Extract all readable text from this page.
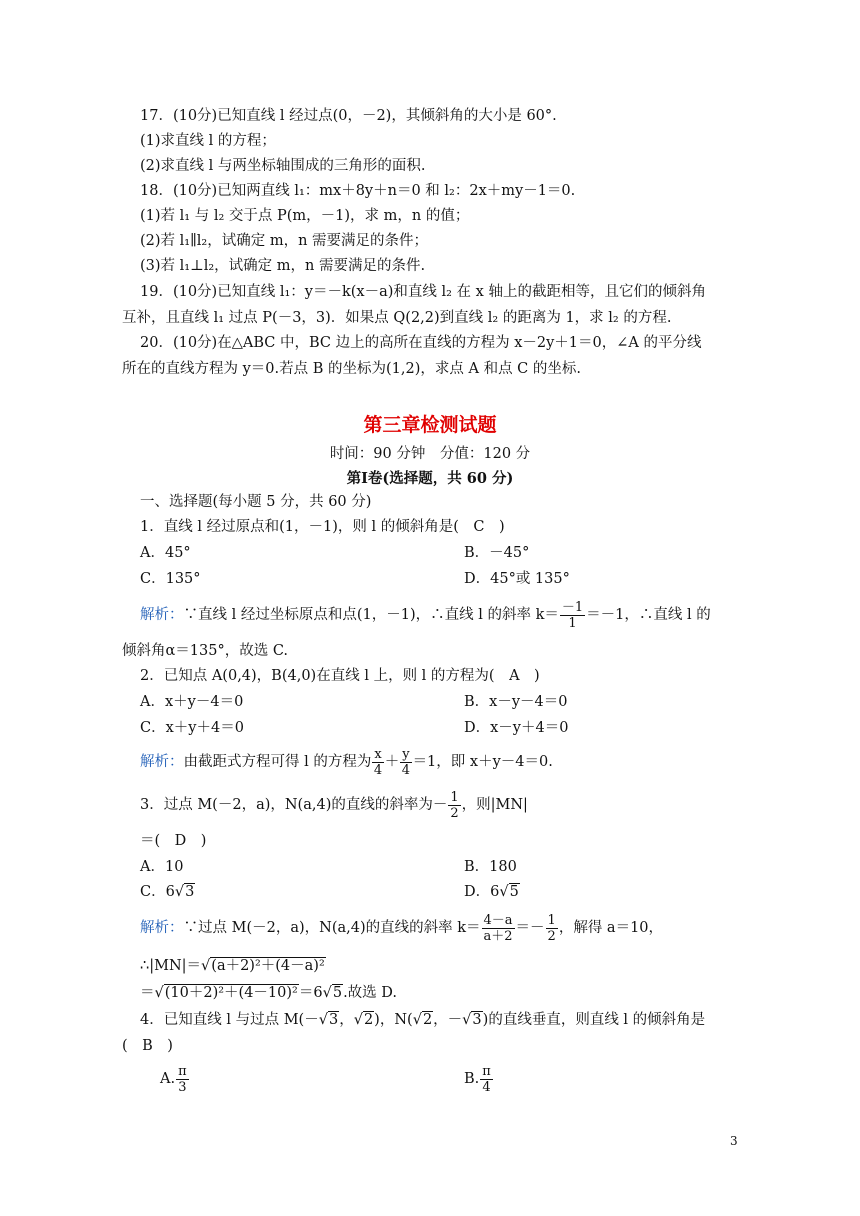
17．(10分)已知直线 l 经过点(0，－2)，其倾斜角的大小是 60°.
(1)求直线 l 的方程；
(2)求直线 l 与两坐标轴围成的三角形的面积.
18．(10分)已知两直线 l₁：mx＋8y＋n＝0 和 l₂：2x＋my－1＝0.
(1)若 l₁ 与 l₂ 交于点 P(m，－1)，求 m，n 的值；
(2)若 l₁∥l₂，试确定 m，n 需要满足的条件；
(3)若 l₁⊥l₂，试确定 m，n 需要满足的条件.
19．(10分)已知直线 l₁：y＝－k(x－a)和直线 l₂ 在 x 轴上的截距相等，且它们的倾斜角
互补，且直线 l₁ 过点 P(－3，3)．如果点 Q(2,2)到直线 l₂ 的距离为 1，求 l₂ 的方程.
20．(10分)在△ABC 中，BC 边上的高所在直线的方程为 x－2y＋1＝0，∠A 的平分线
所在的直线方程为 y＝0.若点 B 的坐标为(1,2)，求点 A 和点 C 的坐标.
第三章检测试题
时间：90 分钟　分值：120 分
第Ⅰ卷(选择题，共 60 分)
一、选择题(每小题 5 分，共 60 分)
1．直线 l 经过原点和(1，－1)，则 l 的倾斜角是(　C　)
A．45°	B．－45°
C．135°	D．45°或 135°
解析：∵直线 l 经过坐标原点和点(1，－1)，∴直线 l 的斜率 $k= \frac{-1}{1} =-1$，∴直线 l 的
倾斜角α＝135°，故选 C.
2．已知点 A(0,4)，B(4,0)在直线 l 上，则 l 的方程为(　A　)
A．x＋y－4＝0	B．x－y－4＝0
C．x＋y＋4＝0	D．x－y＋4＝0
解析：由截距式方程可得 l 的方程为 $\frac{x}{4} + \frac{y}{4} =1$，即 x＋y－4＝0.
3．过点 M(－2，a)，N(a,4)的直线的斜率为－ $\frac{1}{2}$ ，则|MN|
＝(　D　)
A．10	B．180
C．6√3	D．6√5
解析：∵过点 M(－2，a)，N(a,4)的直线的斜率 $k= \frac{4-a}{a+2} =- \frac{1}{2}$ ，解得 a＝10，
∴|MN|＝√(a＋2)²＋(4－a)²
＝√(10＋2)²＋(4－10)²＝6√5.故选 D.
4．已知直线 l 与过点 M(－√3，√2)，N(√2，－√3)的直线垂直，则直线 l 的倾斜角是
(　B　)
A. $\frac{\pi}{3}$	B. $\frac{\pi}{4}$
3
